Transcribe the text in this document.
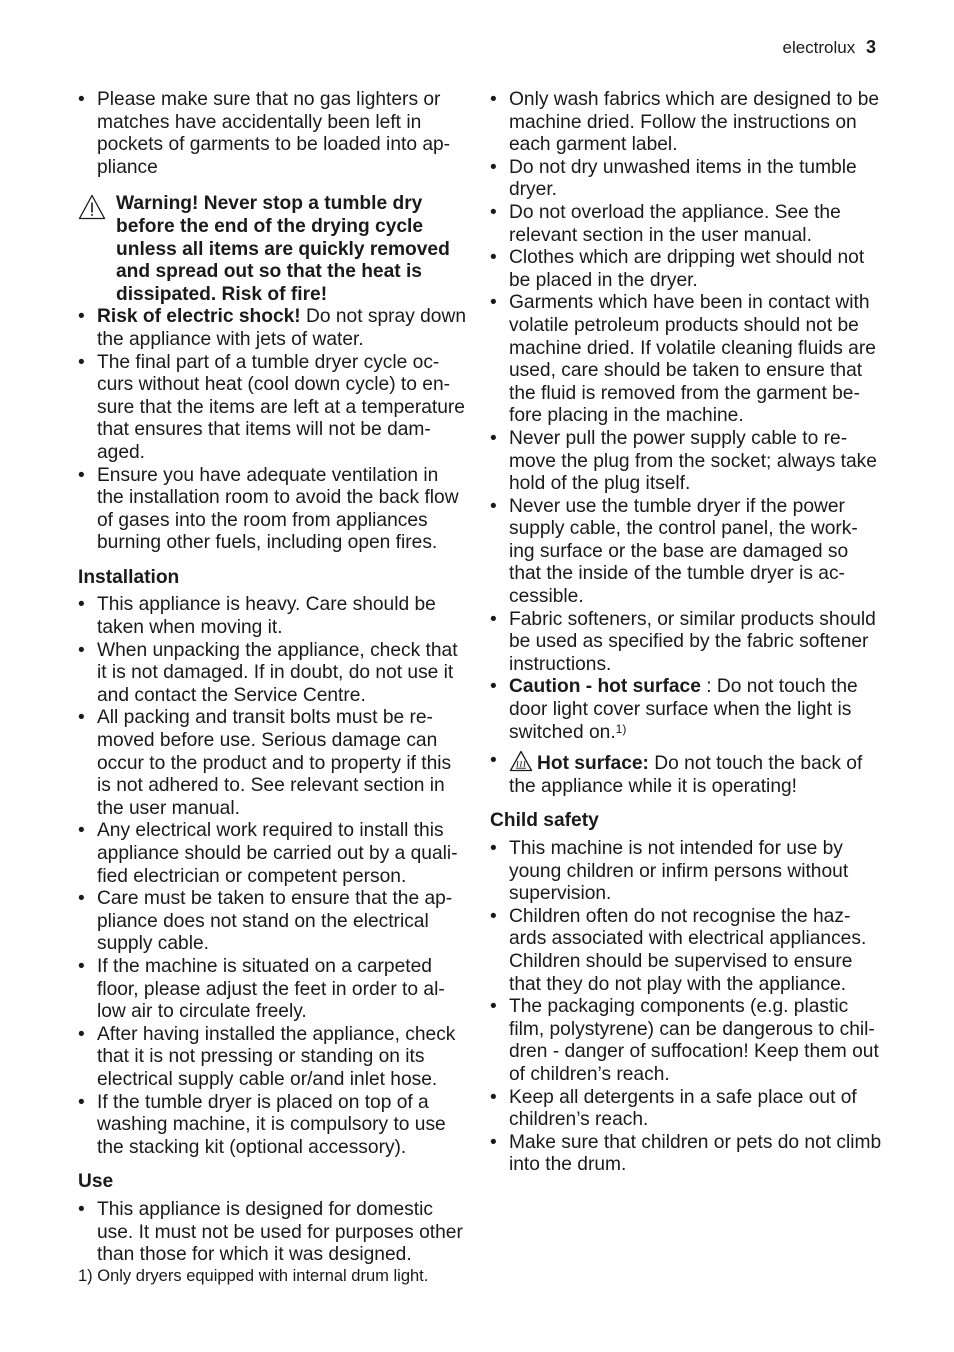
electrolux 3
• Please make sure that no gas lighters or matches have accidentally been left in pockets of garments to be loaded into ap-pliance
Warning! Never stop a tumble dry before the end of the drying cycle unless all items are quickly removed and spread out so that the heat is dissipated. Risk of fire!
• Risk of electric shock! Do not spray down the appliance with jets of water.
• The final part of a tumble dryer cycle oc-curs without heat (cool down cycle) to en-sure that the items are left at a temperature that ensures that items will not be dam-aged.
• Ensure you have adequate ventilation in the installation room to avoid the back flow of gases into the room from appliances burning other fuels, including open fires.
Installation
• This appliance is heavy. Care should be taken when moving it.
• When unpacking the appliance, check that it is not damaged. If in doubt, do not use it and contact the Service Centre.
• All packing and transit bolts must be re-moved before use. Serious damage can occur to the product and to property if this is not adhered to. See relevant section in the user manual.
• Any electrical work required to install this appliance should be carried out by a quali-fied electrician or competent person.
• Care must be taken to ensure that the ap-pliance does not stand on the electrical supply cable.
• If the machine is situated on a carpeted floor, please adjust the feet in order to al-low air to circulate freely.
• After having installed the appliance, check that it is not pressing or standing on its electrical supply cable or/and inlet hose.
• If the tumble dryer is placed on top of a washing machine, it is compulsory to use the stacking kit (optional accessory).
Use
• This appliance is designed for domestic use. It must not be used for purposes other than those for which it was designed.
• Only wash fabrics which are designed to be machine dried. Follow the instructions on each garment label.
• Do not dry unwashed items in the tumble dryer.
• Do not overload the appliance. See the relevant section in the user manual.
• Clothes which are dripping wet should not be placed in the dryer.
• Garments which have been in contact with volatile petroleum products should not be machine dried. If volatile cleaning fluids are used, care should be taken to ensure that the fluid is removed from the garment be-fore placing in the machine.
• Never pull the power supply cable to re-move the plug from the socket; always take hold of the plug itself.
• Never use the tumble dryer if the power supply cable, the control panel, the work-ing surface or the base are damaged so that the inside of the tumble dryer is ac-cessible.
• Fabric softeners, or similar products should be used as specified by the fabric softener instructions.
• Caution - hot surface : Do not touch the door light cover surface when the light is switched on.$^{1)}$
• Hot surface: Do not touch the back of the appliance while it is operating!
Child safety
• This machine is not intended for use by young children or infirm persons without supervision.
• Children often do not recognise the haz-ards associated with electrical appliances. Children should be supervised to ensure that they do not play with the appliance.
• The packaging components (e.g. plastic film, polystyrene) can be dangerous to chil-dren - danger of suffocation! Keep them out of children’s reach.
• Keep all detergents in a safe place out of children’s reach.
• Make sure that children or pets do not climb into the drum.
1) Only dryers equipped with internal drum light.
